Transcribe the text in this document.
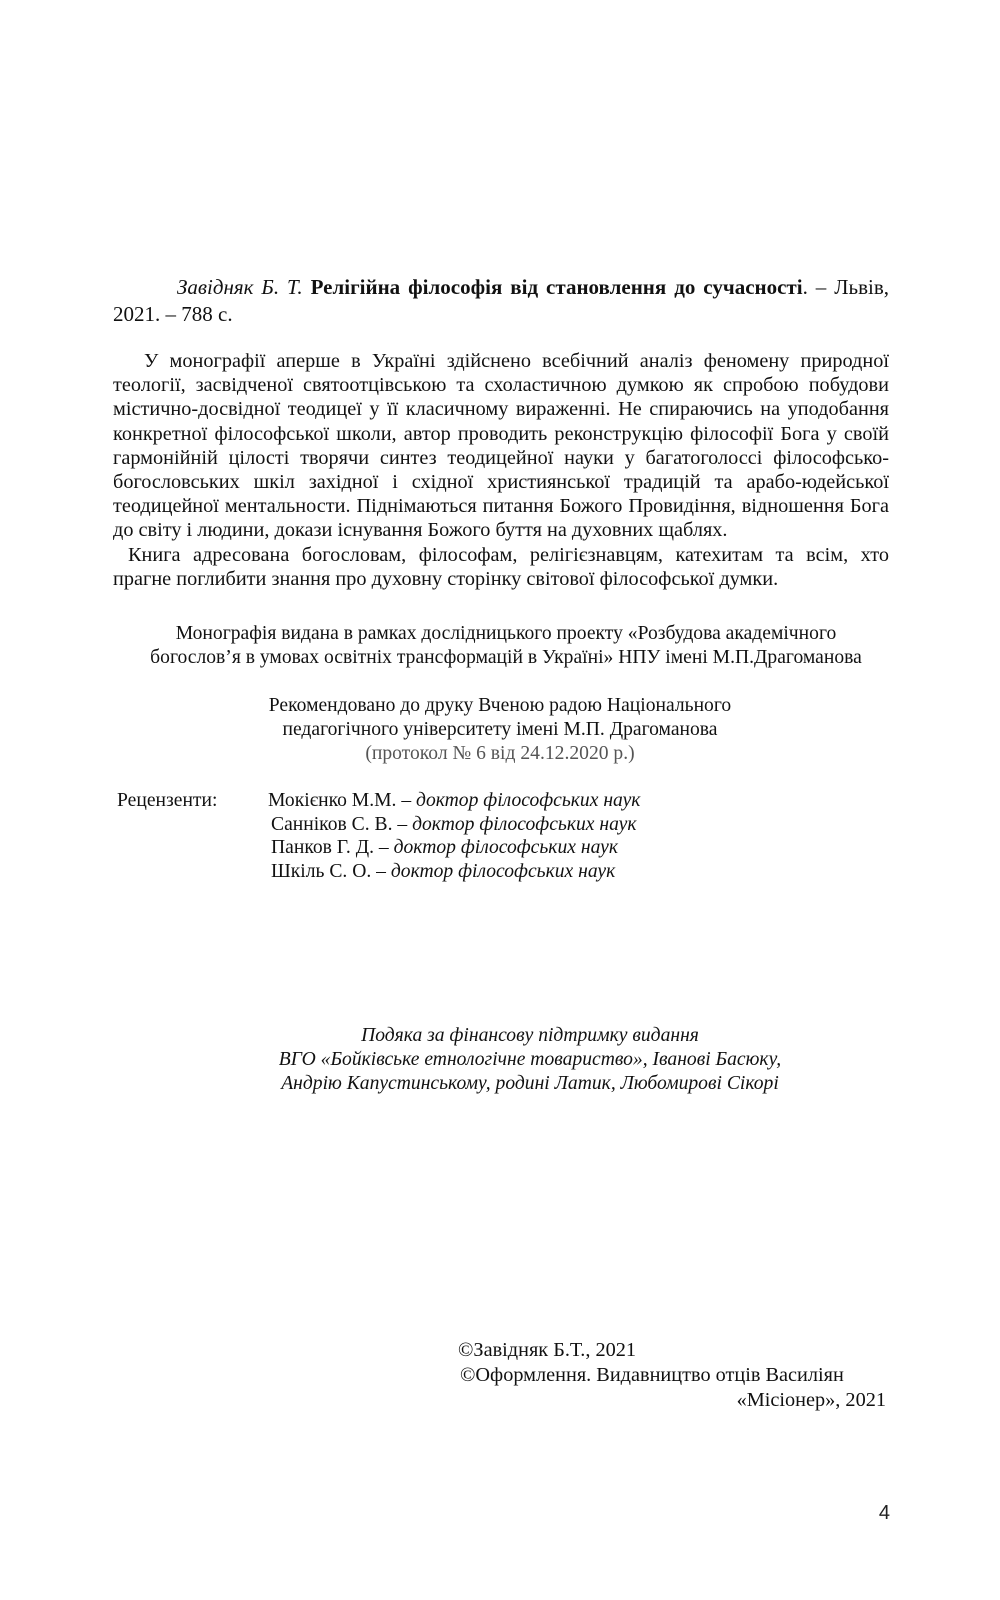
Завідняк Б. Т. Релігійна філософія від становлення до сучасності. – Львів, 2021. – 788 с.

У монографії аперше в Україні здійснено всебічний аналіз феномену природної теології, засвідченої святоотцівською та схоластичною думкою як спробою побудови містично-досвідної теодицеї у її класичному вираженні. Не спираючись на уподобання конкретної філософської школи, автор проводить реконструкцію філософії Бога у своїй гармонійній цілості творячи синтез теодицейної науки у багатоголоссі філософсько-богословських шкіл західної і східної християнської традицій та арабо-юдейської теодицейної ментальности. Піднімаються питання Божого Провидіння, відношення Бога до світу і людини, докази існування Божого буття на духовних щаблях.

Книга адресована богословам, філософам, релігієзнавцям, катехитам та всім, хто прагне поглибити знання про духовну сторінку світової філософської думки.

Монографія видана в рамках дослідницького проекту «Розбудова академічного
богослов’я в умовах освітніх трансформацій в Україні» НПУ імені М.П.Драгоманова
Рекомендовано до друку Вченою радою Національного
педагогічного університету імені М.П. Драгоманова
(протокол № 6 від 24.12.2020 р.)
Рецензенти:	Мокієнко М.М. – доктор філософських наук
Санніков С. В. – доктор філософських наук
Панков Г. Д. – доктор філософських наук
Шкіль С. О. – доктор філософських наук
Подяка за фінансову підтримку видання
ВГО «Бойківське етнологічне товариство», Іванові Басюку,
Андрію Капустинському, родині Латик, Любомирові Сікорі
©Завідняк Б.Т., 2021
©Оформлення. Видавництво отців Василіян
«Місіонер», 2021
4
